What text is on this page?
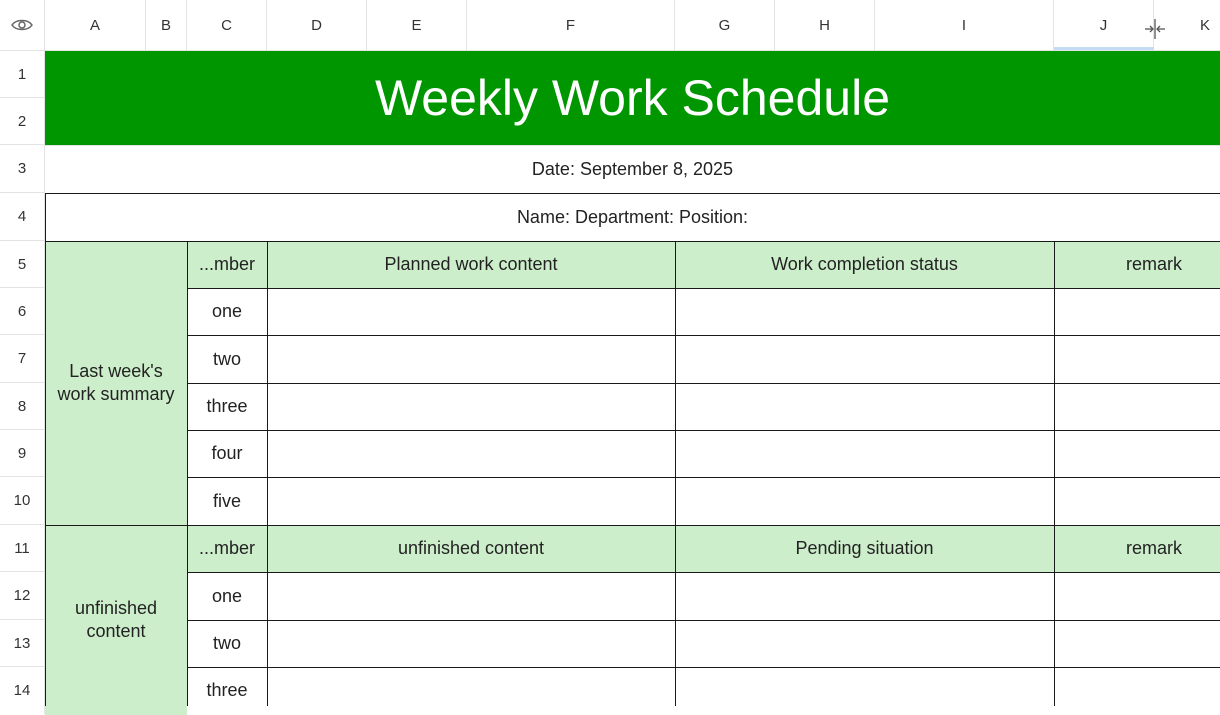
A	B	C	D	E	F	G	H	I	J	K
1
2
3
4
5
6
7
8
9
10
11
12
13
14
Weekly Work Schedule
Date: September 8, 2025
Name: Department: Position:
Last week's work summary
...mber	Planned work content	Work completion status	remark
one
two
three
four
five
unfinished content
...mber	unfinished content	Pending situation	remark
one
two
three
